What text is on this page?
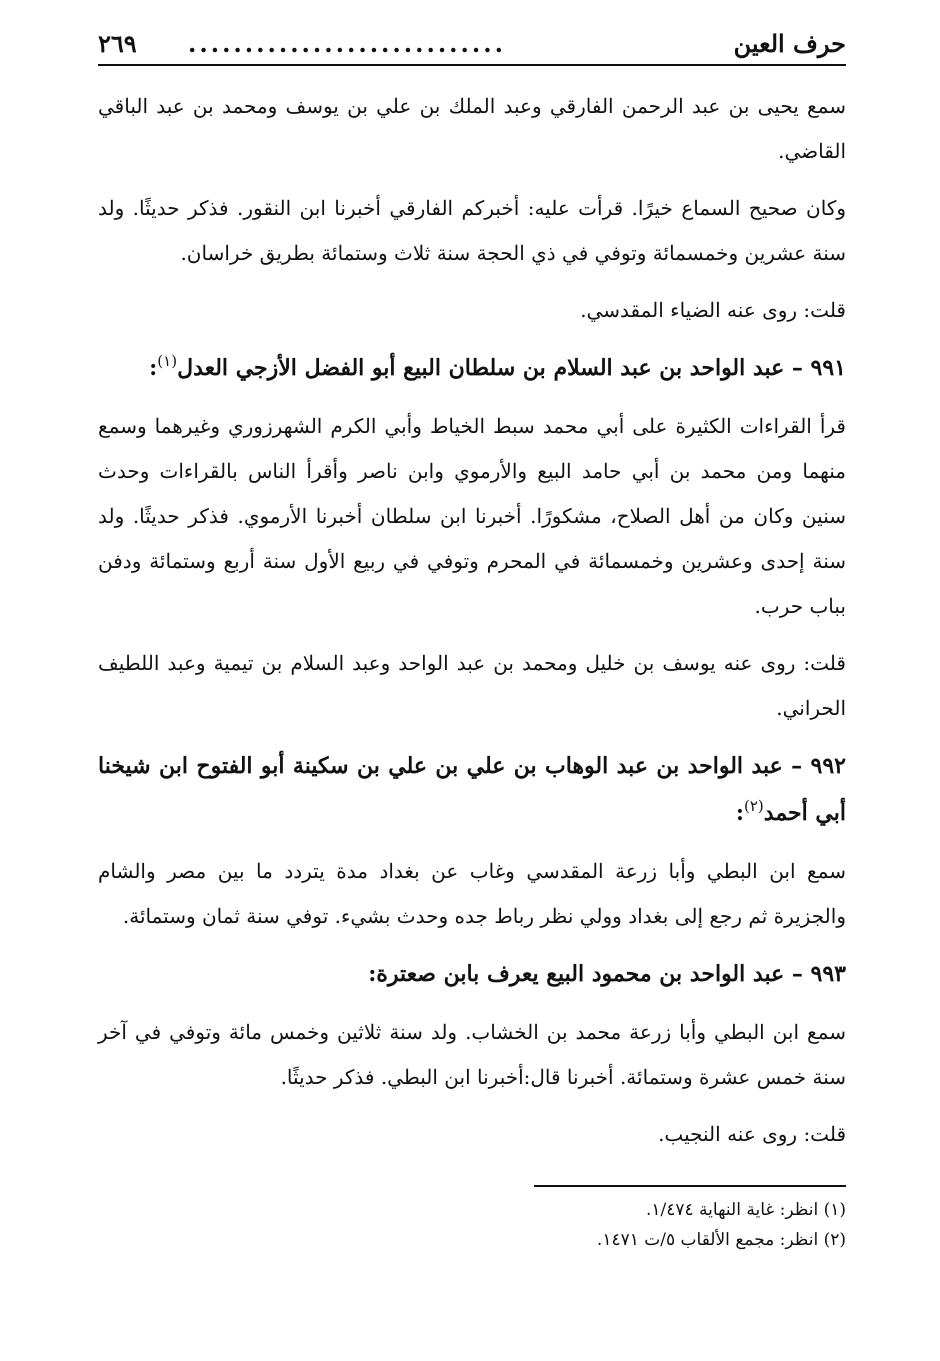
حرف العين
............................
٢٦٩

سمع يحيى بن عبد الرحمن الفارقي وعبد الملك بن علي بن يوسف ومحمد بن عبد الباقي القاضي.

وكان صحيح السماع خيرًا. قرأت عليه: أخبركم الفارقي أخبرنا ابن النقور. فذكر حديثًا. ولد سنة عشرين وخمسمائة وتوفي في ذي الحجة سنة ثلاث وستمائة بطريق خراسان.

قلت: روى عنه الضياء المقدسي.

٩٩١ – عبد الواحد بن عبد السلام بن سلطان البيع أبو الفضل الأزجي العدل$^{(١)}$:

قرأ القراءات الكثيرة على أبي محمد سبط الخياط وأبي الكرم الشهرزوري وغيرهما وسمع منهما ومن محمد بن أبي حامد البيع والأرموي وابن ناصر وأقرأ الناس بالقراءات وحدث سنين وكان من أهل الصلاح، مشكورًا. أخبرنا ابن سلطان أخبرنا الأرموي. فذكر حديثًا. ولد سنة إحدى وعشرين وخمسمائة في المحرم وتوفي في ربيع الأول سنة أربع وستمائة ودفن بباب حرب.

قلت: روى عنه يوسف بن خليل ومحمد بن عبد الواحد وعبد السلام بن تيمية وعبد اللطيف الحراني.

٩٩٢ – عبد الواحد بن عبد الوهاب بن علي بن علي بن سكينة أبو الفتوح ابن شيخنا أبي أحمد$^{(٢)}$:

سمع ابن البطي وأبا زرعة المقدسي وغاب عن بغداد مدة يتردد ما بين مصر والشام والجزيرة ثم رجع إلى بغداد وولي نظر رباط جده وحدث بشيء. توفي سنة ثمان وستمائة.

٩٩٣ – عبد الواحد بن محمود البيع يعرف بابن صعترة:

سمع ابن البطي وأبا زرعة محمد بن الخشاب. ولد سنة ثلاثين وخمس مائة وتوفي في آخر سنة خمس عشرة وستمائة. أخبرنا قال:أخبرنا ابن البطي. فذكر حديثًا.

قلت: روى عنه النجيب.

(١) انظر: غاية النهاية ١/٤٧٤.

(٢) انظر: مجمع الألقاب ٥/ت ١٤٧١.
